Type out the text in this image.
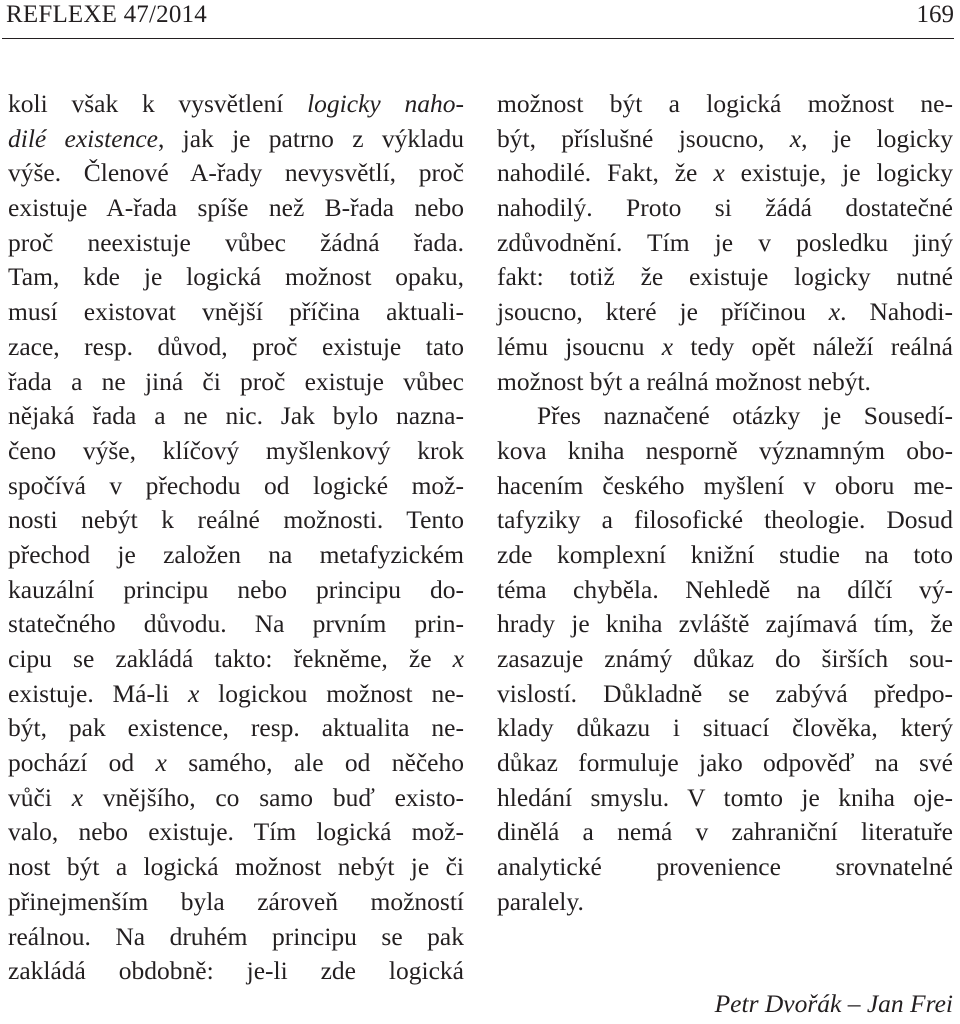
REFLEXE 47/2014	169
koli však k vysvětlení logicky naho-
dilé existence, jak je patrno z výkladu
výše. Členové A-řady nevysvětlí, proč
existuje A-řada spíše než B-řada nebo
proč neexistuje vůbec žádná řada.
Tam, kde je logická možnost opaku,
musí existovat vnější příčina aktuali-
zace, resp. důvod, proč existuje tato
řada a ne jiná či proč existuje vůbec
nějaká řada a ne nic. Jak bylo nazna-
čeno výše, klíčový myšlenkový krok
spočívá v přechodu od logické mož-
nosti nebýt k reálné možnosti. Tento
přechod je založen na metafyzickém
kauzální principu nebo principu do-
statečného důvodu. Na prvním prin-
cipu se zakládá takto: řekněme, že x
existuje. Má-li x logickou možnost ne-
být, pak existence, resp. aktualita ne-
pochází od x samého, ale od něčeho
vůči x vnějšího, co samo buď existo-
valo, nebo existuje. Tím logická mož-
nost být a logická možnost nebýt je či
přinejmenším byla zároveň možností
reálnou. Na druhém principu se pak
zakládá obdobně: je-li zde logická
možnost být a logická možnost ne-
být, příslušné jsoucno, x, je logicky
nahodilé. Fakt, že x existuje, je logicky
nahodilý. Proto si žádá dostatečné
zdůvodnění. Tím je v posledku jiný
fakt: totiž že existuje logicky nutné
jsoucno, které je příčinou x. Nahodi-
lému jsoucnu x tedy opět náleží reálná
možnost být a reálná možnost nebýt.
Přes naznačené otázky je Sousedí-
kova kniha nesporně významným obo-
hacením českého myšlení v oboru me-
tafyziky a filosofické theologie. Dosud
zde komplexní knižní studie na toto
téma chyběla. Nehledě na dílčí vý-
hrady je kniha zvláště zajímavá tím, že
zasazuje známý důkaz do širších sou-
vislostí. Důkladně se zabývá předpo-
klady důkazu i situací člověka, který
důkaz formuluje jako odpověď na své
hledání smyslu. V tomto je kniha oje-
dinělá a nemá v zahraniční literatuře
analytické provenience srovnatelné
paralely.
Petr Dvořák – Jan Frei
